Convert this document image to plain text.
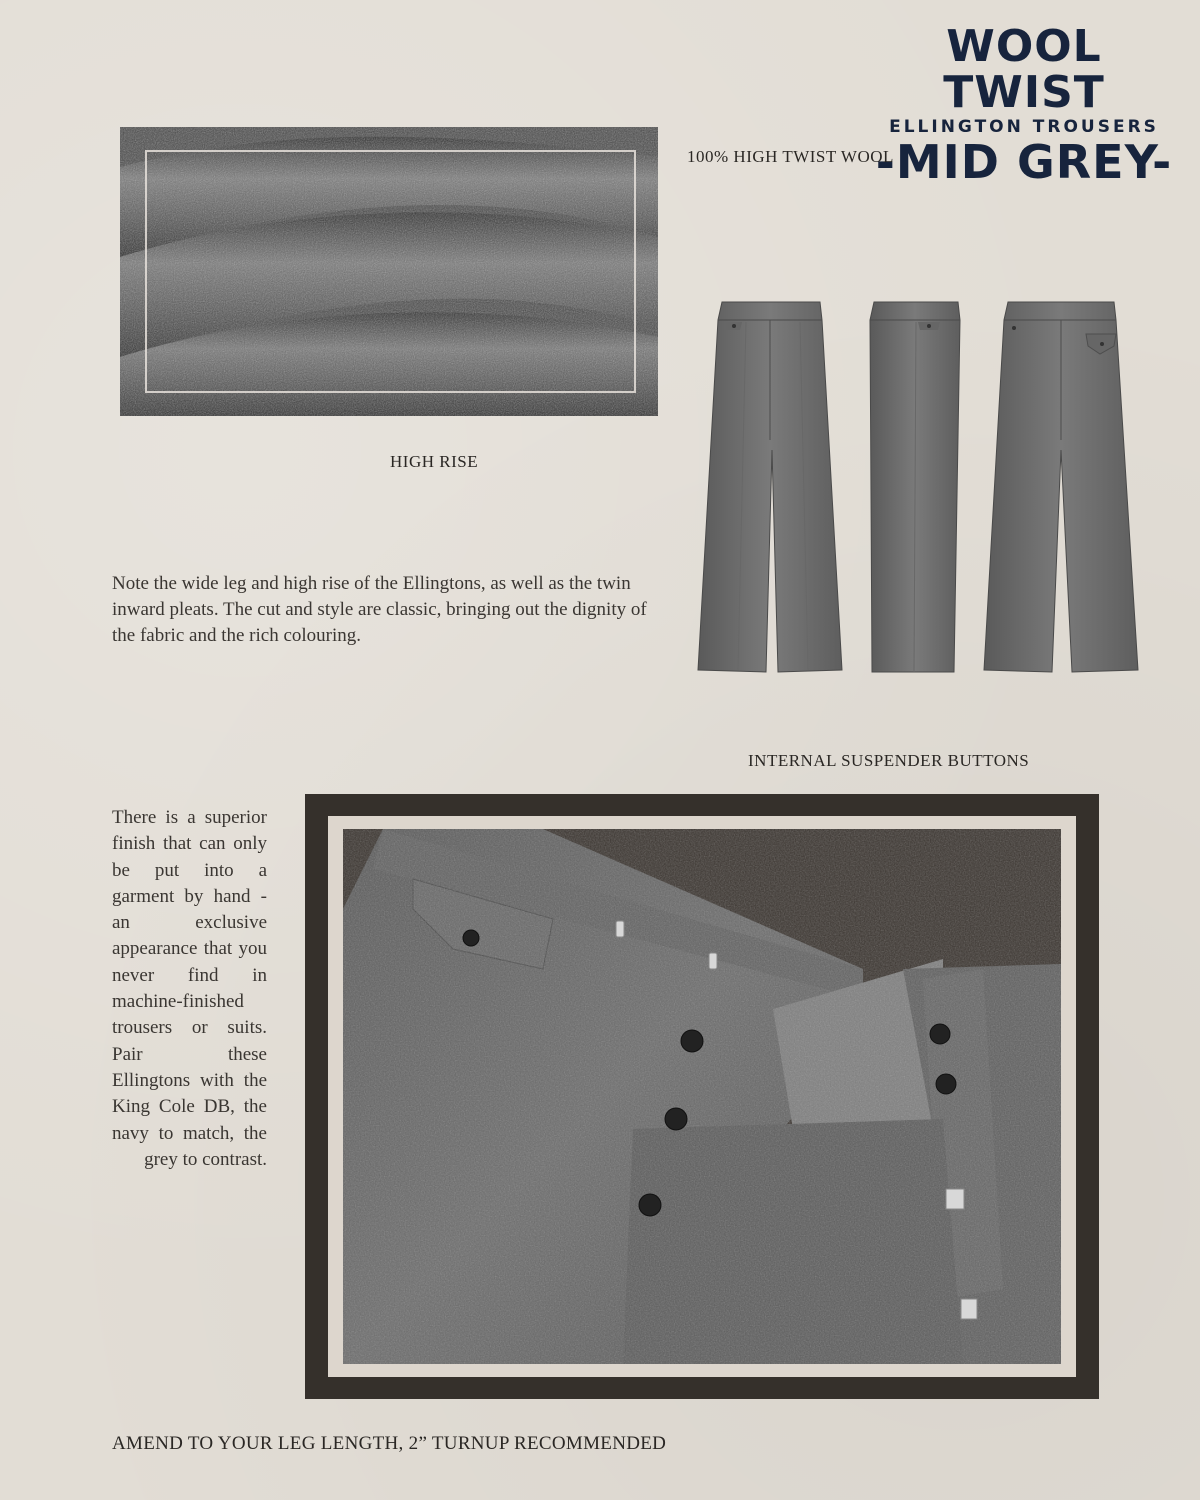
WOOL TWIST
ELLINGTON TROUSERS
-MID GREY-
100% HIGH TWIST WOOL
HIGH RISE
Note the wide leg and high rise of the Ellingtons, as well as the twin inward pleats. The cut and style are classic, bringing out the dignity of the fabric and the rich colouring.
INTERNAL SUSPENDER BUTTONS
There is a superior finish that can only be put into a garment by hand - an exclusive appearance that you never find in machine-finished trousers or suits. Pair these Ellingtons with the King Cole DB, the navy to match, the grey to contrast.
AMEND TO YOUR LEG LENGTH, 2” TURNUP RECOMMENDED
